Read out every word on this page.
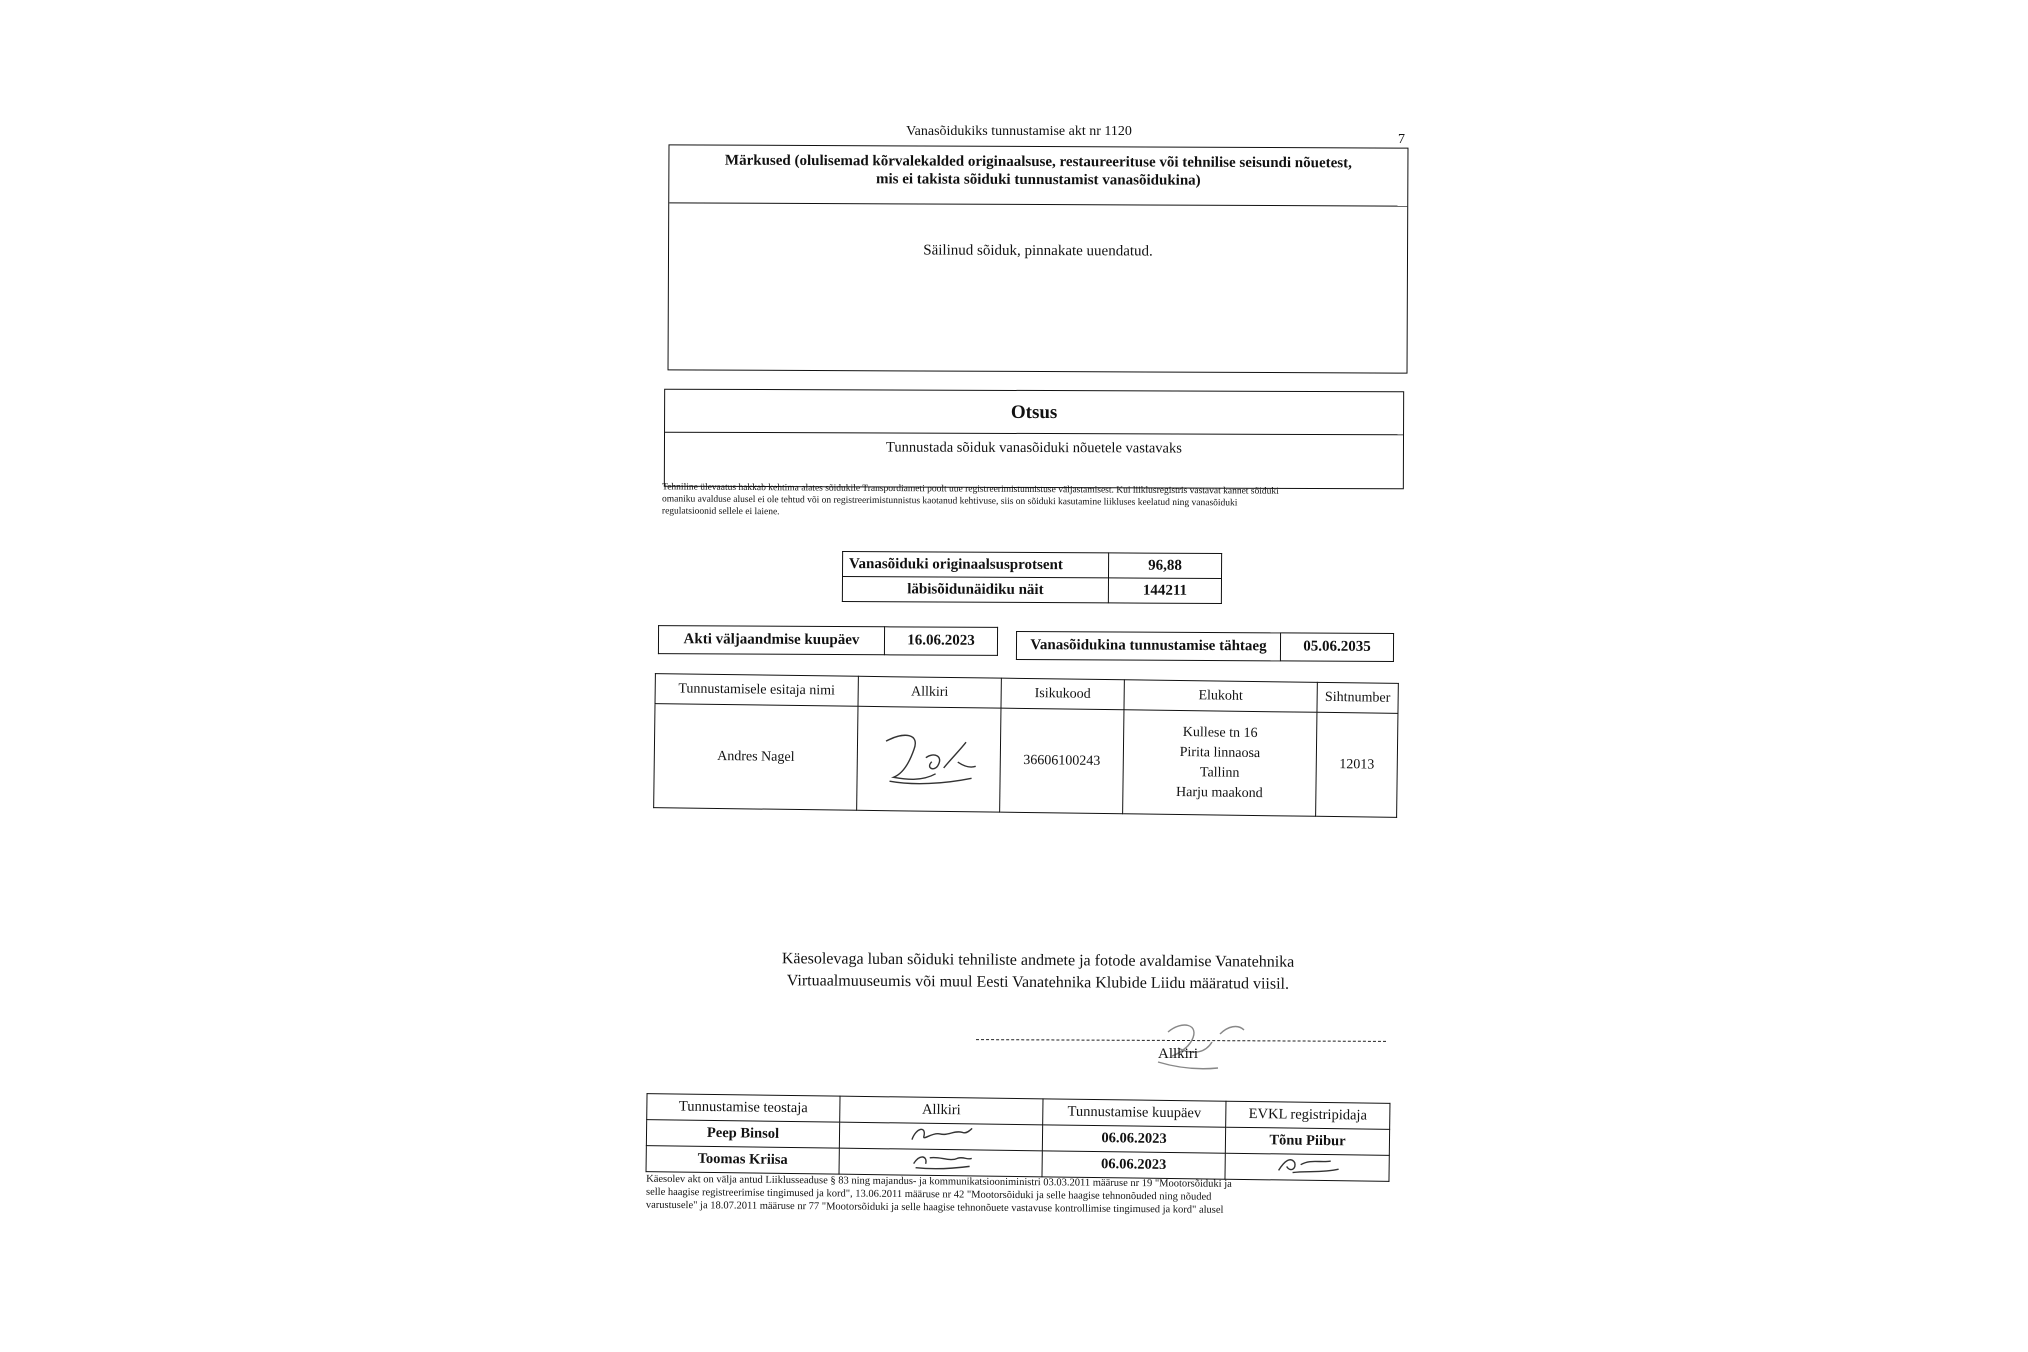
Vanasõidukiks tunnustamise akt nr 1120
7
Märkused (olulisemad kõrvalekalded originaalsuse, restaureerituse või tehnilise seisundi nõuetest,
mis ei takista sõiduki tunnustamist vanasõidukina)
Säilinud sõiduk, pinnakate uuendatud.
Otsus
Tunnustada sõiduk vanasõiduki nõuetele vastavaks
Tehniline ülevaatus hakkab kehtima alates sõidukile Transpordiameti poolt uue registreerimistunnistuse väljastamisest. Kui liiklusregistris vastavat kannet sõiduki
omaniku avalduse alusel ei ole tehtud või on registreerimistunnistus kaotanud kehtivuse, siis on sõiduki kasutamine liikluses keelatud ning vanasõiduki
regulatsioonid sellele ei laiene.
Vanasõiduki originaalsusprotsent	96,88
läbisõidunäidiku näit	144211
Akti väljaandmise kuupäev	16.06.2023	Vanasõidukina tunnustamise tähtaeg	05.06.2035
Tunnustamisele esitaja nimi	Allkiri	Isikukood	Elukoht	Sihtnumber
Andres Nagel		36606100243	Kullese tn 16
Pirita linnaosa
Tallinn
Harju maakond	12013
Käesolevaga luban sõiduki tehniliste andmete ja fotode avaldamise Vanatehnika
Virtuaalmuuseumis või muul Eesti Vanatehnika Klubide Liidu määratud viisil.
Allkiri
Tunnustamise teostaja	Allkiri	Tunnustamise kuupäev	EVKL registripidaja
Peep Binsol		06.06.2023	Tõnu Piibur
Toomas Kriisa		06.06.2023	
Käesolev akt on välja antud Liiklusseaduse § 83 ning majandus- ja kommunikatsiooniministri 03.03.2011 määruse nr 19 "Mootorsõiduki ja
selle haagise registreerimise tingimused ja kord", 13.06.2011 määruse nr 42 "Mootorsõiduki ja selle haagise tehnonõuded ning nõuded
varustusele" ja 18.07.2011 määruse nr 77 "Mootorsõiduki ja selle haagise tehnonõuete vastavuse kontrollimise tingimused ja kord" alusel
